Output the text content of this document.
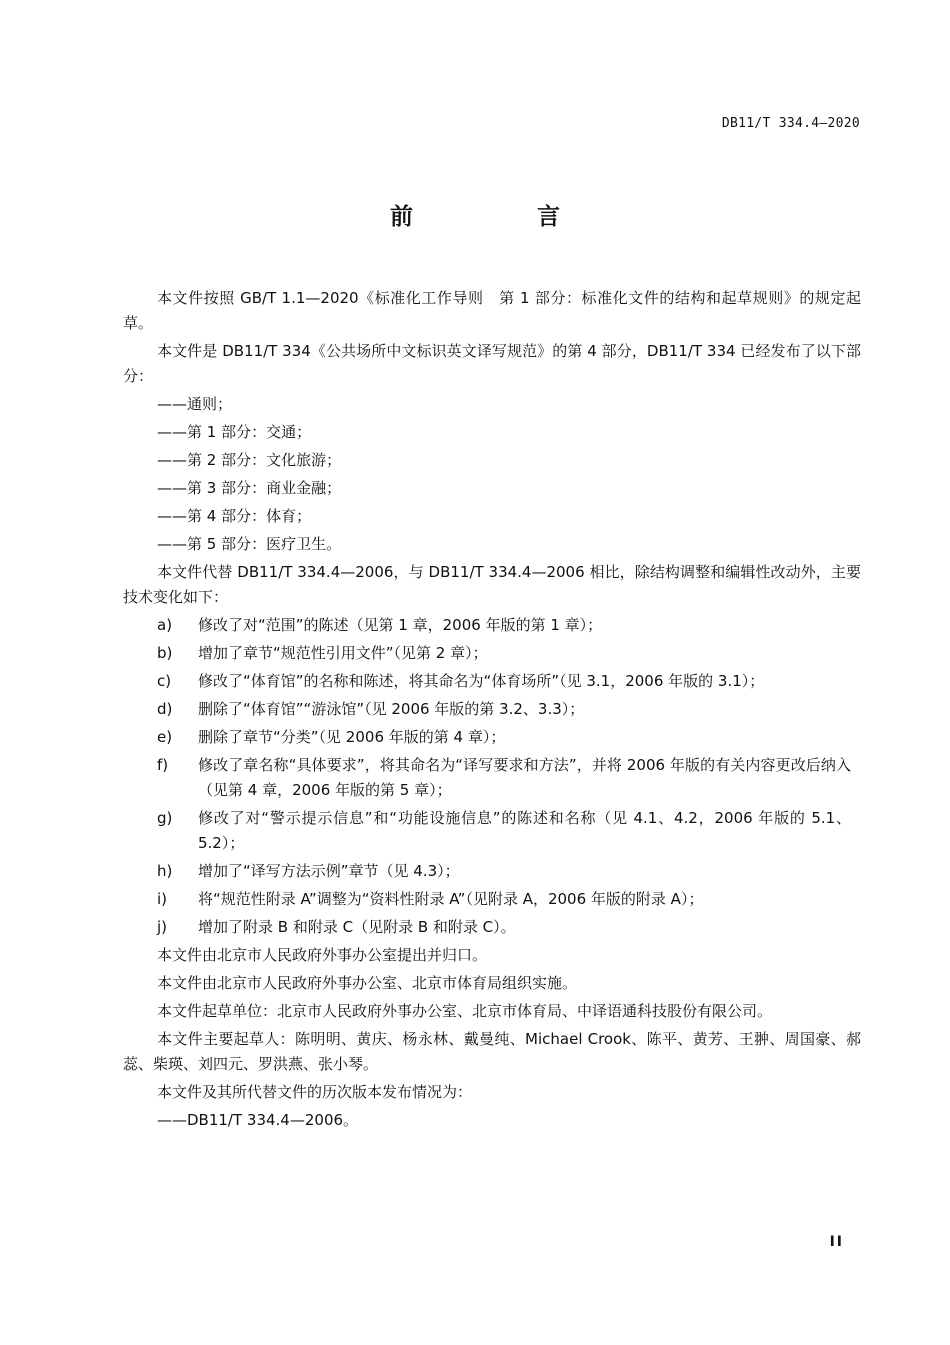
DB11/T 334.4—2020
前 言

本文件按照 GB/T 1.1—2020《标准化工作导则　第 1 部分：标准化文件的结构和起草规则》的规定起草。

本文件是 DB11/T 334《公共场所中文标识英文译写规范》的第 4 部分，DB11/T 334 已经发布了以下部分：

——通则；
——第 1 部分：交通；
——第 2 部分：文化旅游；
——第 3 部分：商业金融；
——第 4 部分：体育；
——第 5 部分：医疗卫生。

本文件代替 DB11/T 334.4—2006，与 DB11/T 334.4—2006 相比，除结构调整和编辑性改动外，主要技术变化如下：

a)	修改了对“范围”的陈述（见第 1 章，2006 年版的第 1 章）；
b)	增加了章节“规范性引用文件”（见第 2 章）；
c)	修改了“体育馆”的名称和陈述，将其命名为“体育场所”（见 3.1，2006 年版的 3.1）；
d)	删除了“体育馆”“游泳馆”（见 2006 年版的第 3.2、3.3）；
e)	删除了章节“分类”（见 2006 年版的第 4 章）；
f)	修改了章名称“具体要求”，将其命名为“译写要求和方法”，并将 2006 年版的有关内容更改后纳入（见第 4 章，2006 年版的第 5 章）；
g)	修改了对“警示提示信息”和“功能设施信息”的陈述和名称（见 4.1、4.2，2006 年版的 5.1、5.2）；
h)	增加了“译写方法示例”章节（见 4.3）；
i)	将“规范性附录 A”调整为“资料性附录 A”（见附录 A，2006 年版的附录 A）；
j)	增加了附录 B 和附录 C（见附录 B 和附录 C）。

本文件由北京市人民政府外事办公室提出并归口。

本文件由北京市人民政府外事办公室、北京市体育局组织实施。

本文件起草单位：北京市人民政府外事办公室、北京市体育局、中译语通科技股份有限公司。

本文件主要起草人：陈明明、黄庆、杨永林、戴曼纯、Michael Crook、陈平、黄芳、王翀、周国豪、郝蕊、柴瑛、刘四元、罗洪燕、张小琴。

本文件及其所代替文件的历次版本发布情况为：

——DB11/T 334.4—2006。
II
